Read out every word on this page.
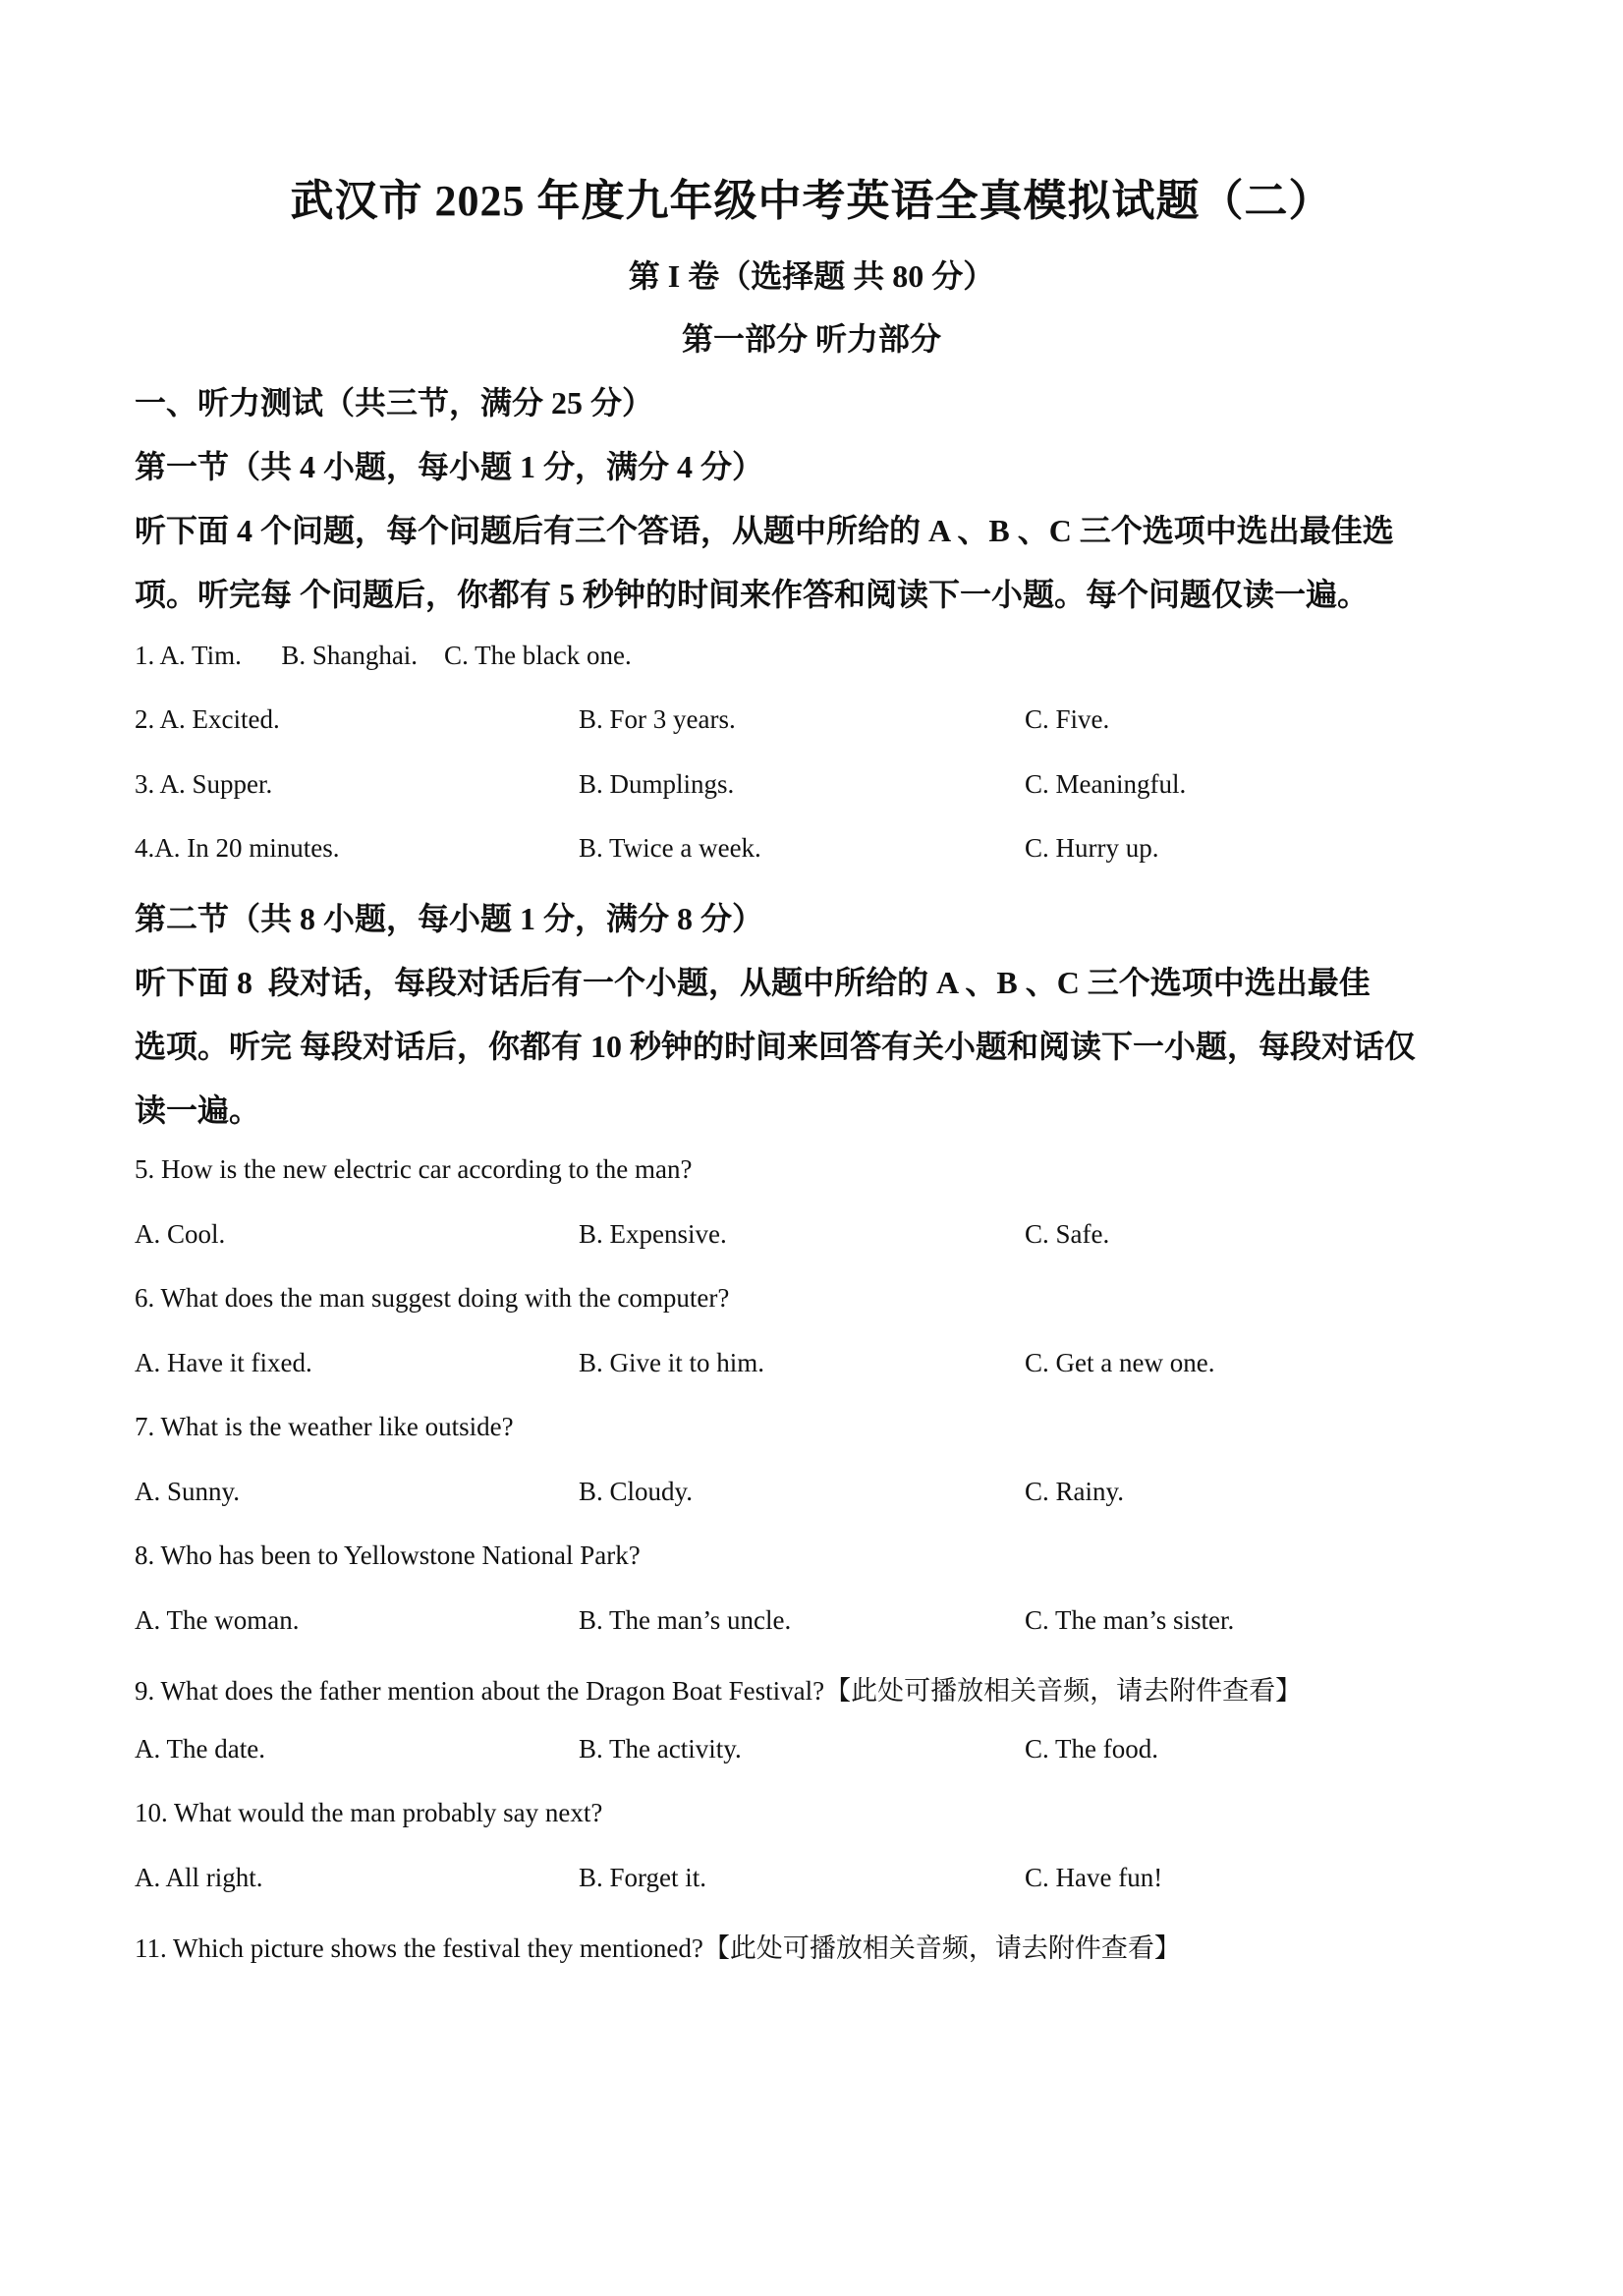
武汉市 2025 年度九年级中考英语全真模拟试题（二）
第 I 卷（选择题 共 80 分）
第一部分 听力部分
一、听力测试（共三节，满分 25 分）
第一节（共 4 小题，每小题 1 分，满分 4 分）
听下面 4 个问题，每个问题后有三个答语，从题中所给的 A 、B 、C 三个选项中选出最佳选
项。听完每 个问题后，你都有 5 秒钟的时间来作答和阅读下一小题。每个问题仅读一遍。
1. A. Tim.      B. Shanghai.    C. The black one.
2. A. Excited.	B. For 3 years.	C. Five.
3. A. Supper.	B. Dumplings.	C. Meaningful.
4.A. In 20 minutes.	B. Twice a week.	C. Hurry up.
第二节（共 8 小题，每小题 1 分，满分 8 分）
听下面 8  段对话，每段对话后有一个小题，从题中所给的 A 、B 、C 三个选项中选出最佳
选项。听完 每段对话后，你都有 10 秒钟的时间来回答有关小题和阅读下一小题，每段对话仅
读一遍。
5. How is the new electric car according to the man?
A. Cool.	B. Expensive.	C. Safe.
6. What does the man suggest doing with the computer?
A. Have it fixed.	B. Give it to him.	C. Get a new one.
7. What is the weather like outside?
A. Sunny.	B. Cloudy.	C. Rainy.
8. Who has been to Yellowstone National Park?
A. The woman.	B. The man’s uncle.	C. The man’s sister.
9. What does the father mention about the Dragon Boat Festival?【此处可播放相关音频，请去附件查看】
A. The date.	B. The activity.	C. The food.
10. What would the man probably say next?
A. All right.	B. Forget it.	C. Have fun!
11. Which picture shows the festival they mentioned?【此处可播放相关音频，请去附件查看】
